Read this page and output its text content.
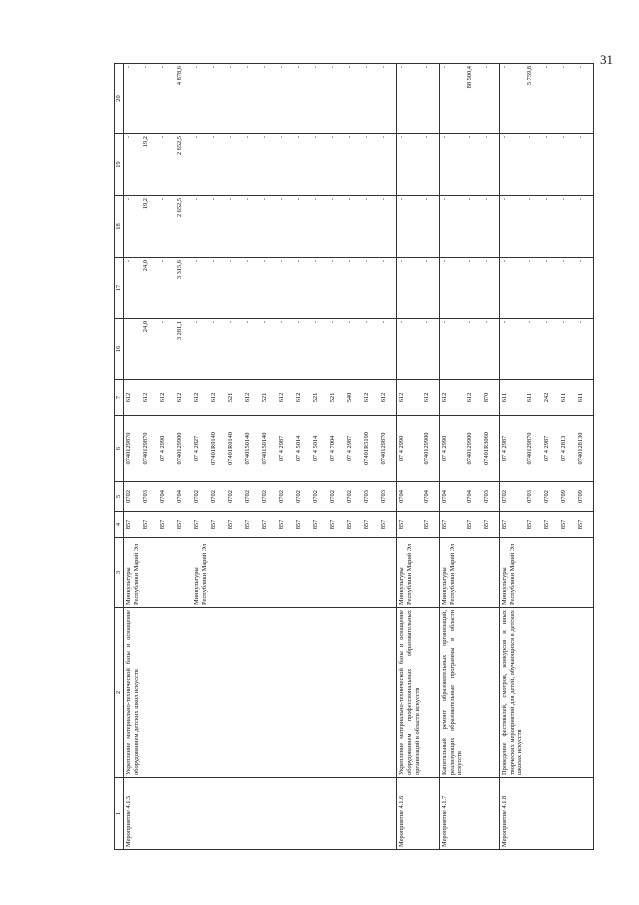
31
1	2	3	4	5	6	7	16	17	18	19	20
Мероприятие 4.1.5	Укрепление материально-технической базы и оснащение оборудованием детских школ искусств	Минкультуры Республики Марий Эл	857	0702	0740129870	612		-	-	-	-
			857	0703	0740129870	612	24,0	24,0	19,2	19,2	-
			857	0704	07 4 2990	612	-	-	-	-	-
			857	0704	0740129900	612	3 281,1	3 315,6	2 652,5	2 652,5	4 878,6
		Минкультуры Республики Марий Эл	857	0702	07 4 2827	612	-	-	-	-	-
			857	0702	07401R0140	612	-	-	-	-	-
			857	0702	07401R0140	521	-	-	-	-	-
			857	0702	0740150140	612	-	-	-	-	-
			857	0702	0740150140	521	-	-	-	-	-
			857	0702	07 4 2987	612	-	-	-	-	-
			857	0702	07 4 5014	612	-	-	-	-	-
			857	0702	07 4 5014	521	-	-	-	-	-
			857	0702	07 4 7004	521	-	-	-	-	-
			857	0702	07 4 2987	540	-	-	-	-	-
			857	0703	07401R5190	612	-	-	-	-	-
			857	0703	0740129870	612	-	-	-	-	-
Мероприятие 4.1.6	Укрепление материально-технической базы и оснащение оборудованием профессиональных образовательных организаций в области искусств	Минкультуры Республики Марий Эл	857	0704	07 4 2990	612	-	-	-	-	-
			857	0704	0740129900	612	-	-	-	-	-
Мероприятие 4.1.7	Капитальный ремонт образовательных организаций, реализующих образовательные программы в области искусств	Минкультуры Республики Марий Эл	857	0704	07 4 2990	612	-	-	-	-	-
			857	0704	0740129900	612	-	-	-	-	88 500,4
			857	0703	07401R3060	870	-	-	-	-	-
Мероприятие 4.1.8	Проведение фестивалей, смотров, конкурсов и иных творческих мероприятий для детей, обучающихся в детских школах искусств	Минкультуры Республики Марий Эл	857	0702	07 4 2987	611	-	-	-	-	-
			857	0703	0740129870	611	-	-	-	-	5 759,8
			857	0702	07 4 2987	242	-	-	-	-	-
			857	0709	07 4 2813	611	-	-	-	-	-
			857	0709	0740128130	611	-	-	-	-	-
